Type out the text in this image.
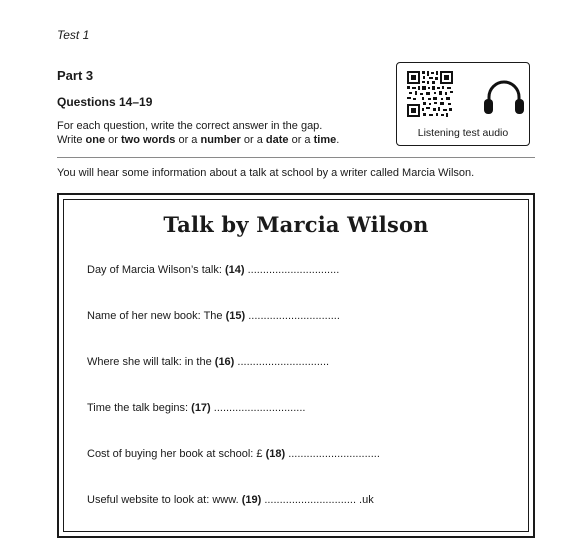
Test 1
Part 3
Questions 14–19
For each question, write the correct answer in the gap.
Write one or two words or a number or a date or a time.
Listening test audio
You will hear some information about a talk at school by a writer called Marcia Wilson.
Talk by Marcia Wilson
Day of Marcia Wilson’s talk: (14) ..............................
Name of her new book: The (15) ..............................
Where she will talk: in the (16) ..............................
Time the talk begins: (17) ..............................
Cost of buying her book at school: £ (18) ..............................
Useful website to look at: www. (19) .............................. .uk
